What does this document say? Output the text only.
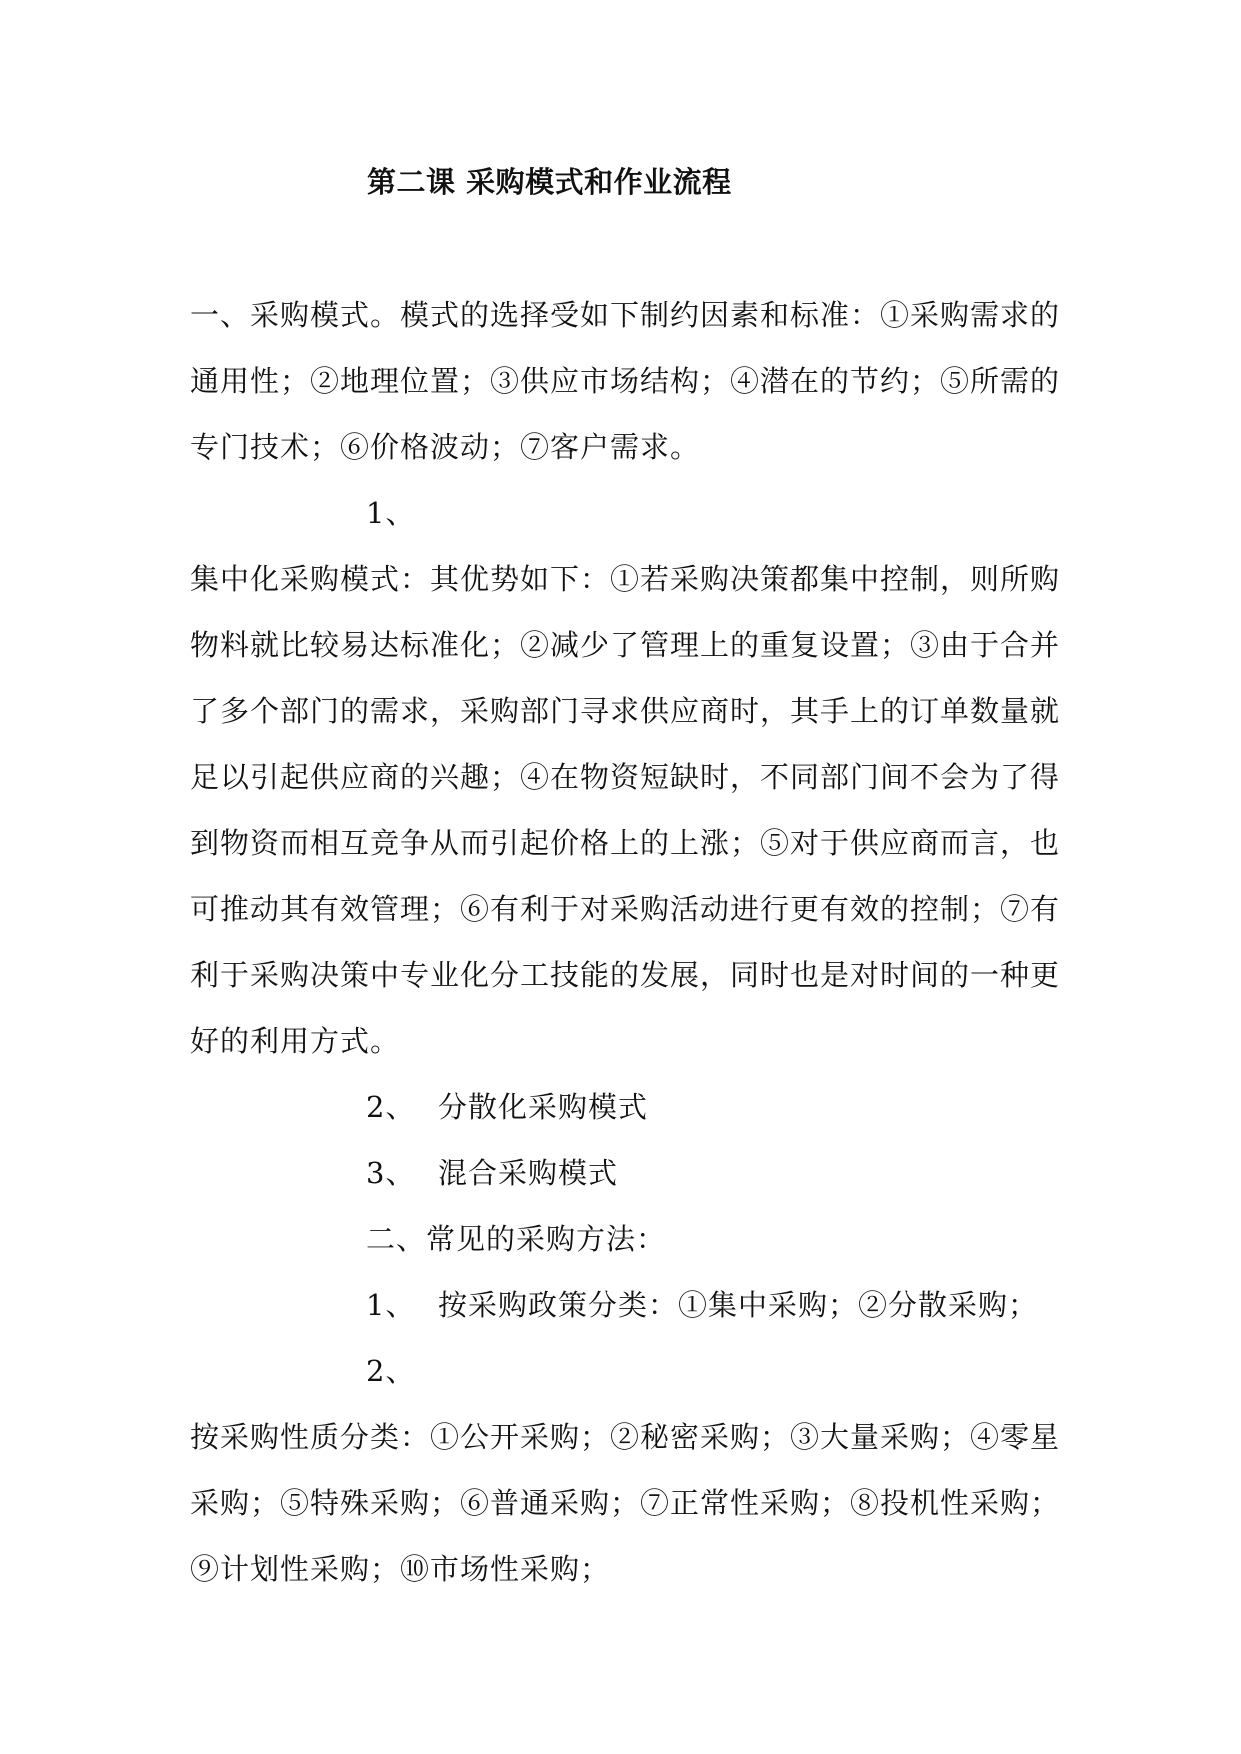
第二课 采购模式和作业流程
一、采购模式。模式的选择受如下制约因素和标准：①采购需求的
通用性；②地理位置；③供应市场结构；④潜在的节约；⑤所需的
专门技术；⑥价格波动；⑦客户需求。
1、
集中化采购模式：其优势如下：①若采购决策都集中控制，则所购
物料就比较易达标准化；②减少了管理上的重复设置；③由于合并
了多个部门的需求，采购部门寻求供应商时，其手上的订单数量就
足以引起供应商的兴趣；④在物资短缺时，不同部门间不会为了得
到物资而相互竞争从而引起价格上的上涨；⑤对于供应商而言，也
可推动其有效管理；⑥有利于对采购活动进行更有效的控制；⑦有
利于采购决策中专业化分工技能的发展，同时也是对时间的一种更
好的利用方式。
2、 分散化采购模式
3、 混合采购模式
二、常见的采购方法：
1、 按采购政策分类：①集中采购；②分散采购；
2、
按采购性质分类：①公开采购；②秘密采购；③大量采购；④零星
采购；⑤特殊采购；⑥普通采购；⑦正常性采购；⑧投机性采购；
⑨计划性采购；⑩市场性采购；
